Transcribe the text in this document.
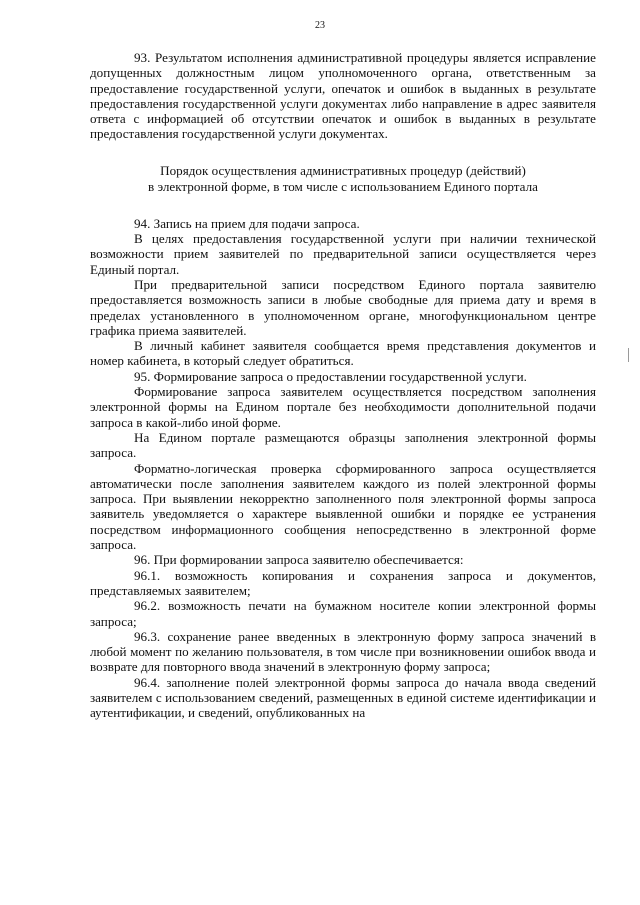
23

93. Результатом исполнения административной процедуры является исправление допущенных должностным лицом уполномоченного органа, ответственным за предоставление государственной услуги, опечаток и ошибок в выданных в результате предоставления государственной услуги документах либо направление в адрес заявителя ответа с информацией об отсутствии опечаток и ошибок в выданных в результате предоставления государственной услуги документах.

Порядок осуществления административных процедур (действий)
в электронной форме, в том числе с использованием Единого портала

94. Запись на прием для подачи запроса.

В целях предоставления государственной услуги при наличии технической возможности прием заявителей по предварительной записи осуществляется через Единый портал.

При предварительной записи посредством Единого портала заявителю предоставляется возможность записи в любые свободные для приема дату и время в пределах установленного в уполномоченном органе, многофункциональном центре графика приема заявителей.

В личный кабинет заявителя сообщается время представления документов и номер кабинета, в который следует обратиться.

95. Формирование запроса о предоставлении государственной услуги.

Формирование запроса заявителем осуществляется посредством заполнения электронной формы на Едином портале без необходимости дополнительной подачи запроса в какой-либо иной форме.

На Едином портале размещаются образцы заполнения электронной формы запроса.

Форматно-логическая проверка сформированного запроса осуществляется автоматически после заполнения заявителем каждого из полей электронной формы запроса. При выявлении некорректно заполненного поля электронной формы запроса заявитель уведомляется о характере выявленной ошибки и порядке ее устранения посредством информационного сообщения непосредственно в электронной форме запроса.

96. При формировании запроса заявителю обеспечивается:

96.1. возможность копирования и сохранения запроса и документов, представляемых заявителем;

96.2. возможность печати на бумажном носителе копии электронной формы запроса;

96.3. сохранение ранее введенных в электронную форму запроса значений в любой момент по желанию пользователя, в том числе при возникновении ошибок ввода и возврате для повторного ввода значений в электронную форму запроса;

96.4. заполнение полей электронной формы запроса до начала ввода сведений заявителем с использованием сведений, размещенных в единой системе идентификации и аутентификации, и сведений, опубликованных на
